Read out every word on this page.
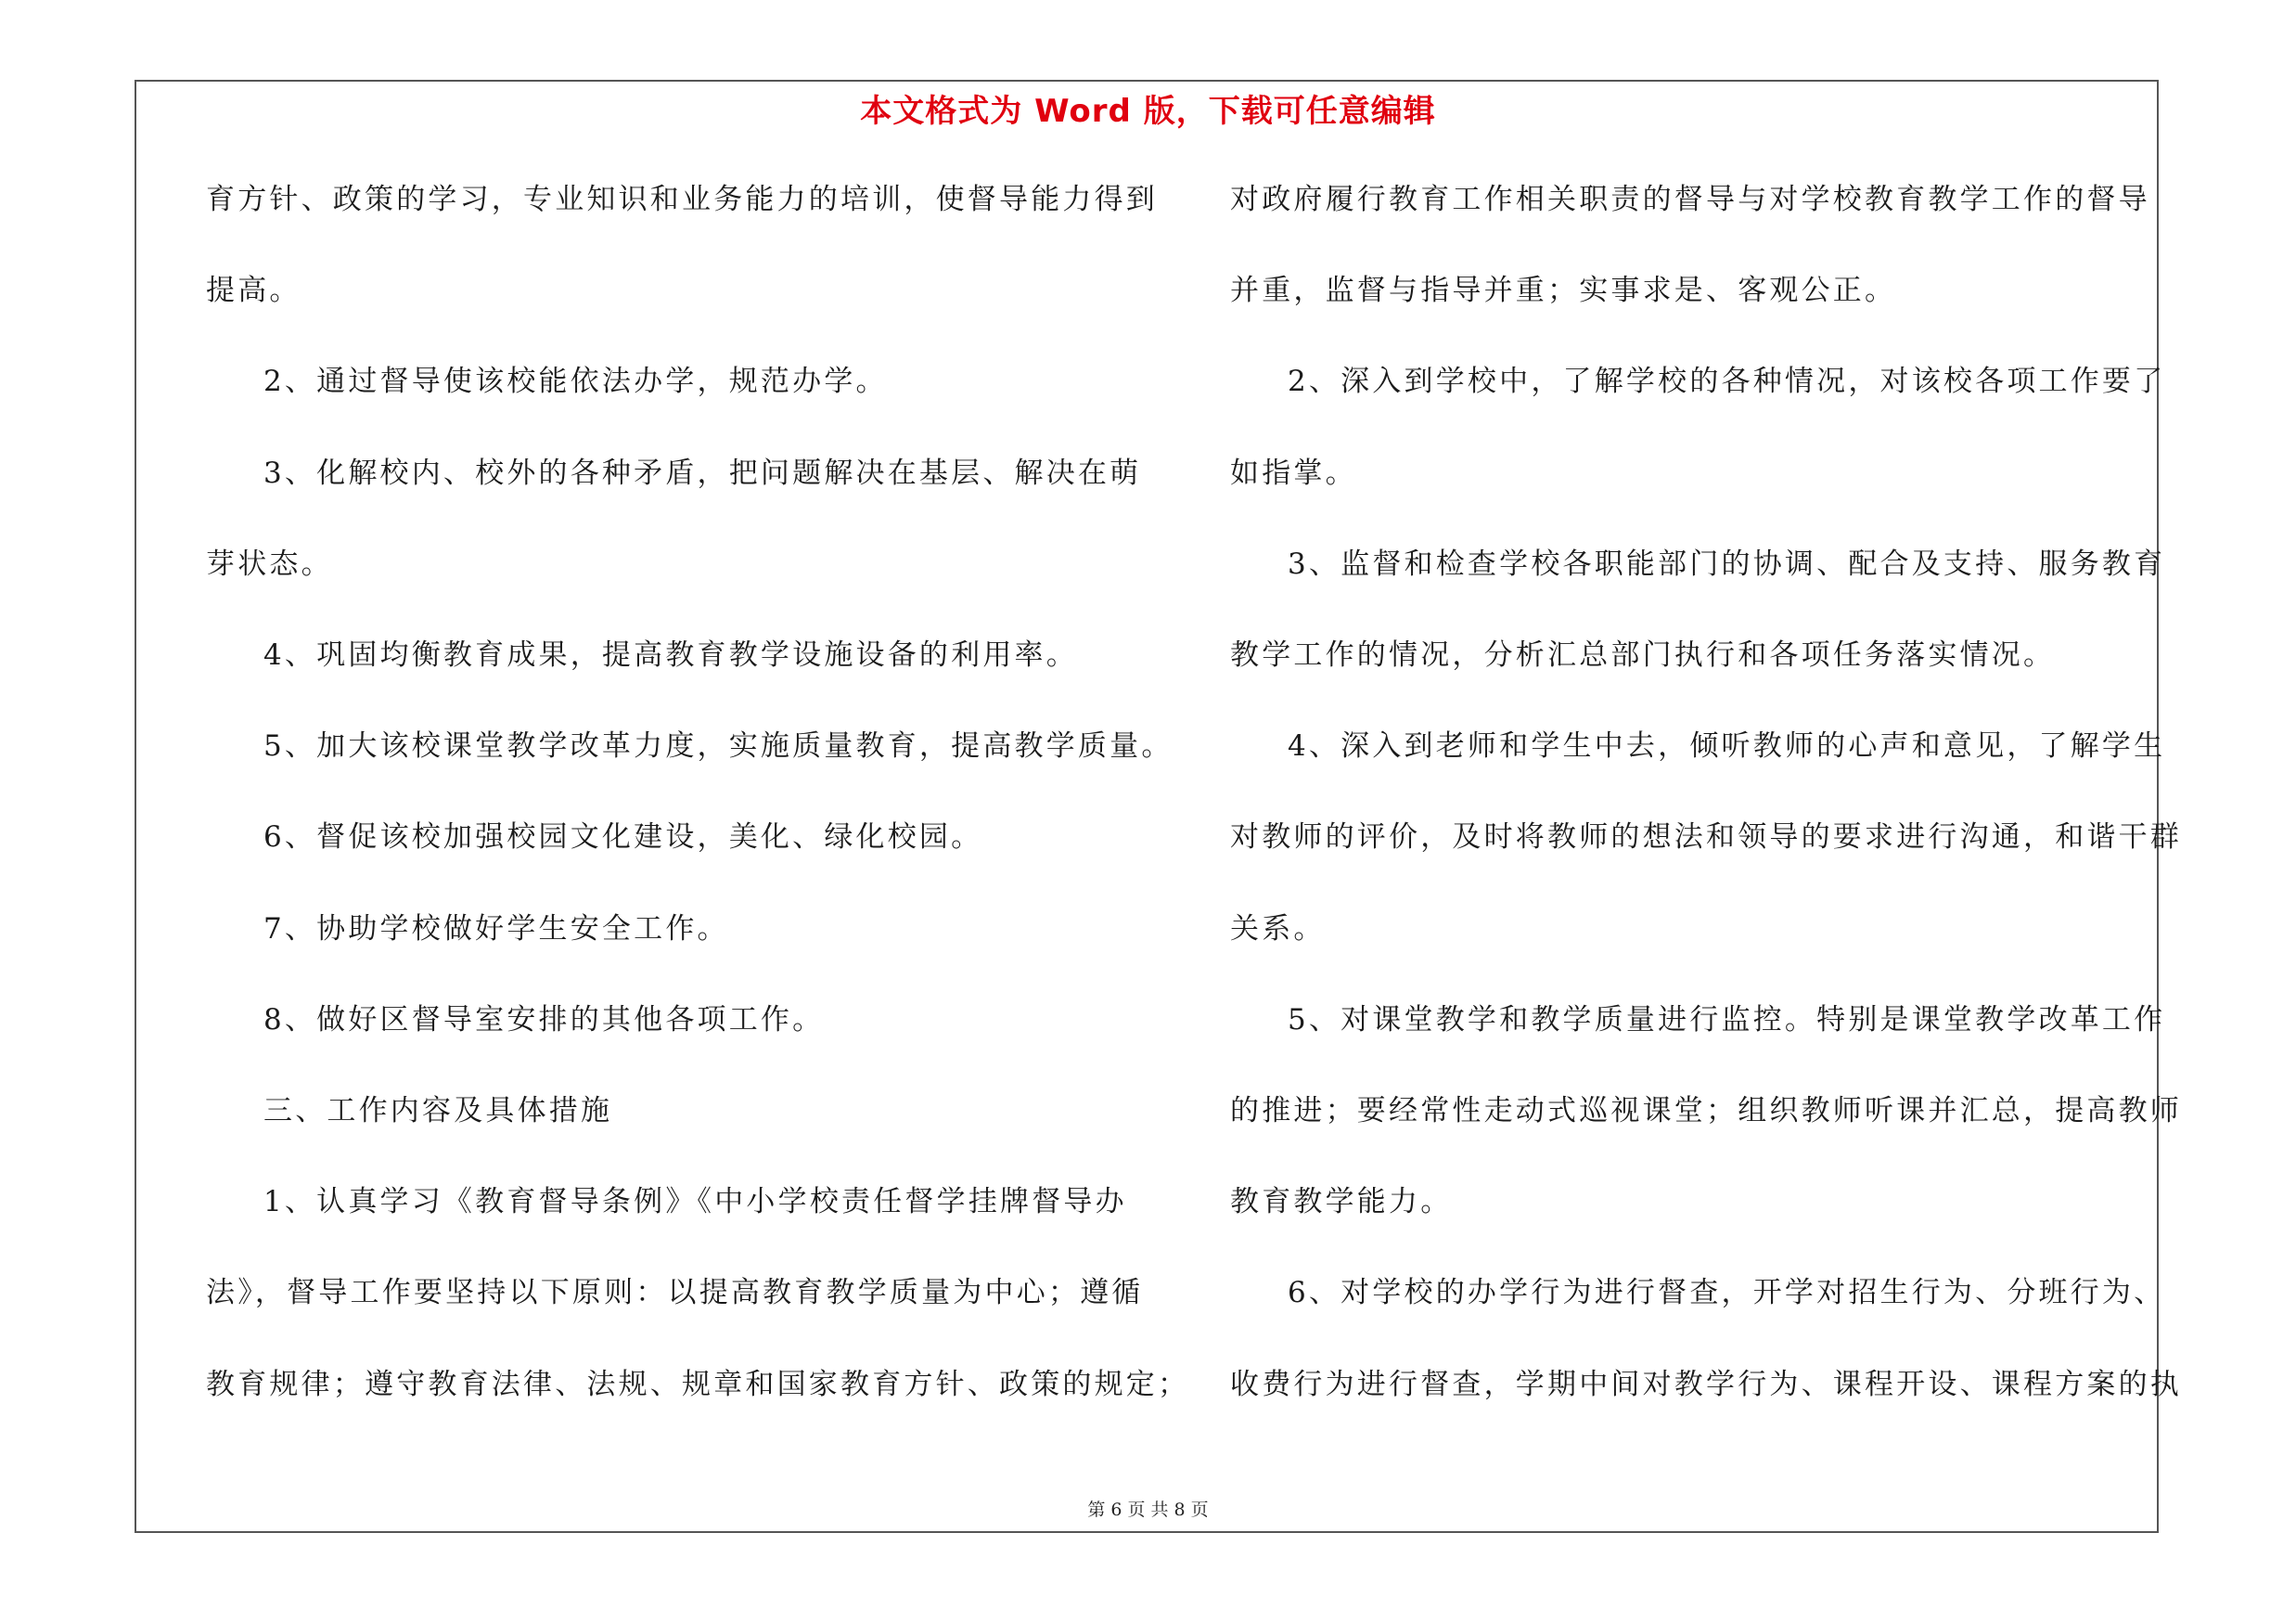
本文格式为 Word 版，下载可任意编辑
育方针、政策的学习，专业知识和业务能力的培训，使督导能力得到
提高。
2、通过督导使该校能依法办学，规范办学。
3、化解校内、校外的各种矛盾，把问题解决在基层、解决在萌
芽状态。
4、巩固均衡教育成果，提高教育教学设施设备的利用率。
5、加大该校课堂教学改革力度，实施质量教育，提高教学质量。
6、督促该校加强校园文化建设，美化、绿化校园。
7、协助学校做好学生安全工作。
8、做好区督导室安排的其他各项工作。
三、工作内容及具体措施
1、认真学习《教育督导条例》《中小学校责任督学挂牌督导办
法》，督导工作要坚持以下原则：以提高教育教学质量为中心；遵循
教育规律；遵守教育法律、法规、规章和国家教育方针、政策的规定；
对政府履行教育工作相关职责的督导与对学校教育教学工作的督导
并重，监督与指导并重；实事求是、客观公正。
2、深入到学校中，了解学校的各种情况，对该校各项工作要了
如指掌。
3、监督和检查学校各职能部门的协调、配合及支持、服务教育
教学工作的情况，分析汇总部门执行和各项任务落实情况。
4、深入到老师和学生中去，倾听教师的心声和意见，了解学生
对教师的评价，及时将教师的想法和领导的要求进行沟通，和谐干群
关系。
5、对课堂教学和教学质量进行监控。特别是课堂教学改革工作
的推进；要经常性走动式巡视课堂；组织教师听课并汇总，提高教师
教育教学能力。
6、对学校的办学行为进行督查，开学对招生行为、分班行为、
收费行为进行督查，学期中间对教学行为、课程开设、课程方案的执
第 6 页 共 8 页
